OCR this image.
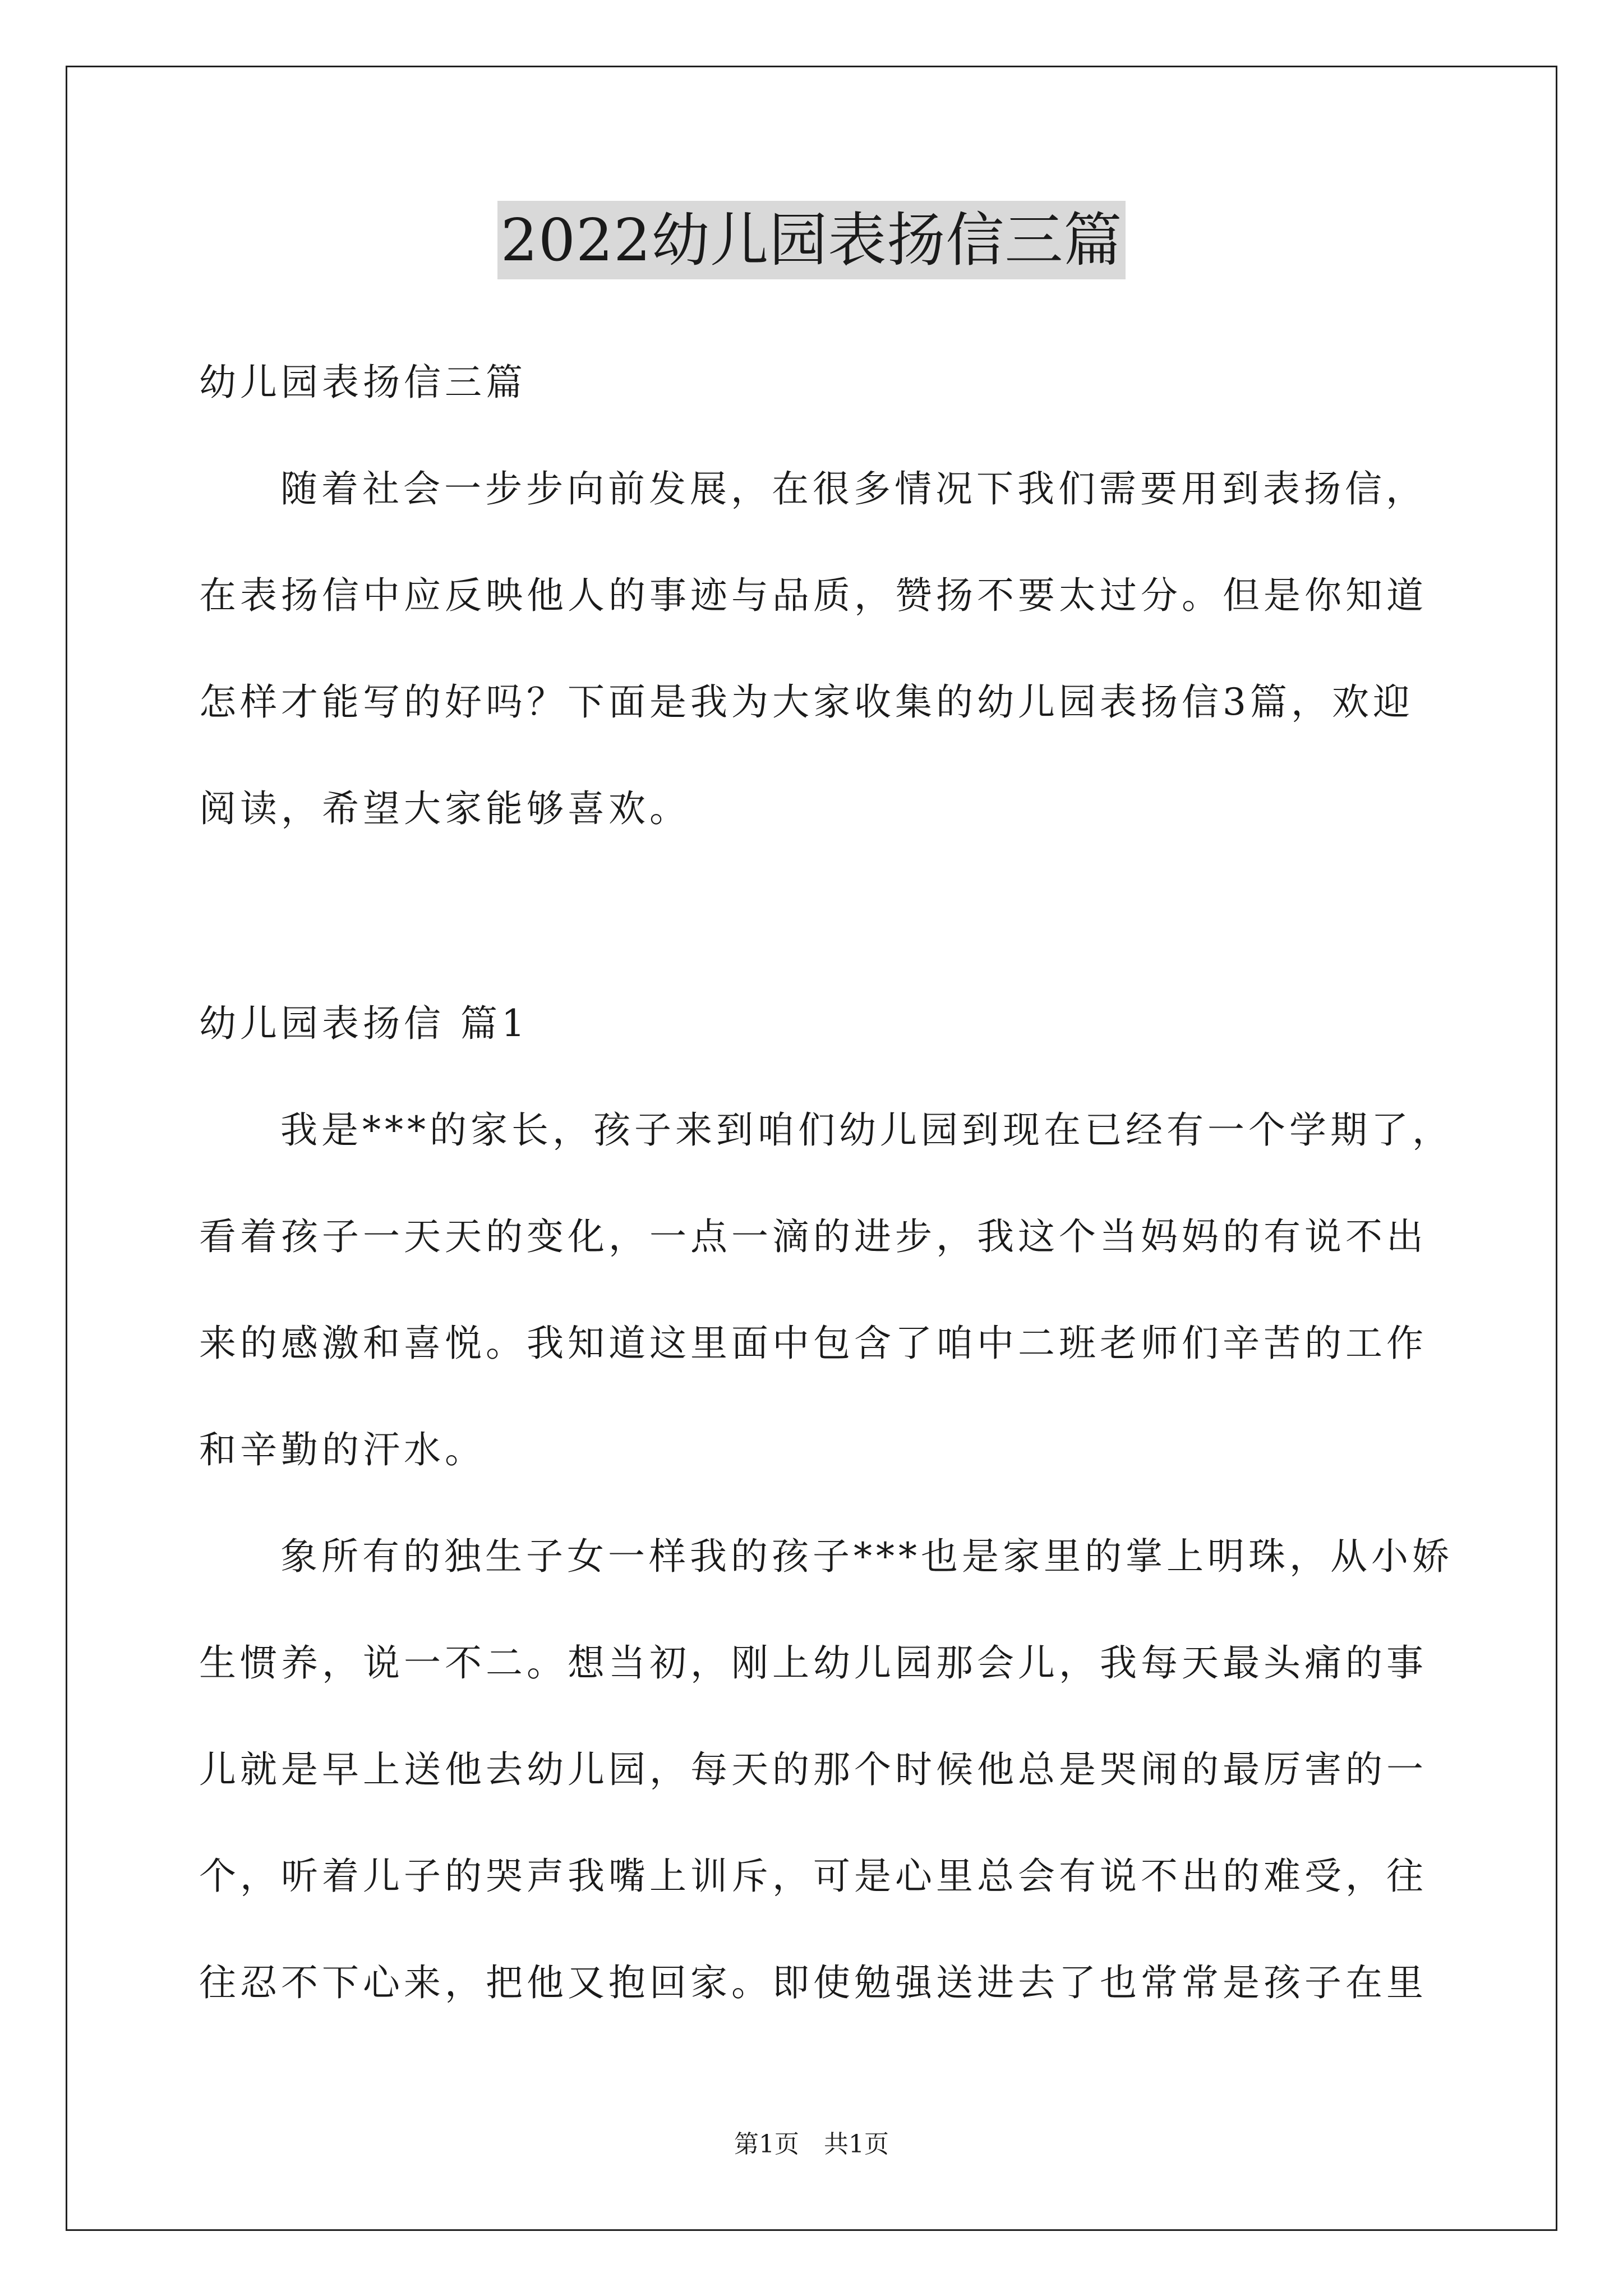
2022幼儿园表扬信三篇
幼儿园表扬信三篇
随着社会一步步向前发展，在很多情况下我们需要用到表扬信，
在表扬信中应反映他人的事迹与品质，赞扬不要太过分。但是你知道
怎样才能写的好吗？下面是我为大家收集的幼儿园表扬信3篇，欢迎
阅读，希望大家能够喜欢。
幼儿园表扬信 篇1
我是***的家长，孩子来到咱们幼儿园到现在已经有一个学期了，
看着孩子一天天的变化，一点一滴的进步，我这个当妈妈的有说不出
来的感激和喜悦。我知道这里面中包含了咱中二班老师们辛苦的工作
和辛勤的汗水。
象所有的独生子女一样我的孩子***也是家里的掌上明珠，从小娇
生惯养，说一不二。想当初，刚上幼儿园那会儿，我每天最头痛的事
儿就是早上送他去幼儿园，每天的那个时候他总是哭闹的最厉害的一
个，听着儿子的哭声我嘴上训斥，可是心里总会有说不出的难受，往
往忍不下心来，把他又抱回家。即使勉强送进去了也常常是孩子在里
第1页　共1页
